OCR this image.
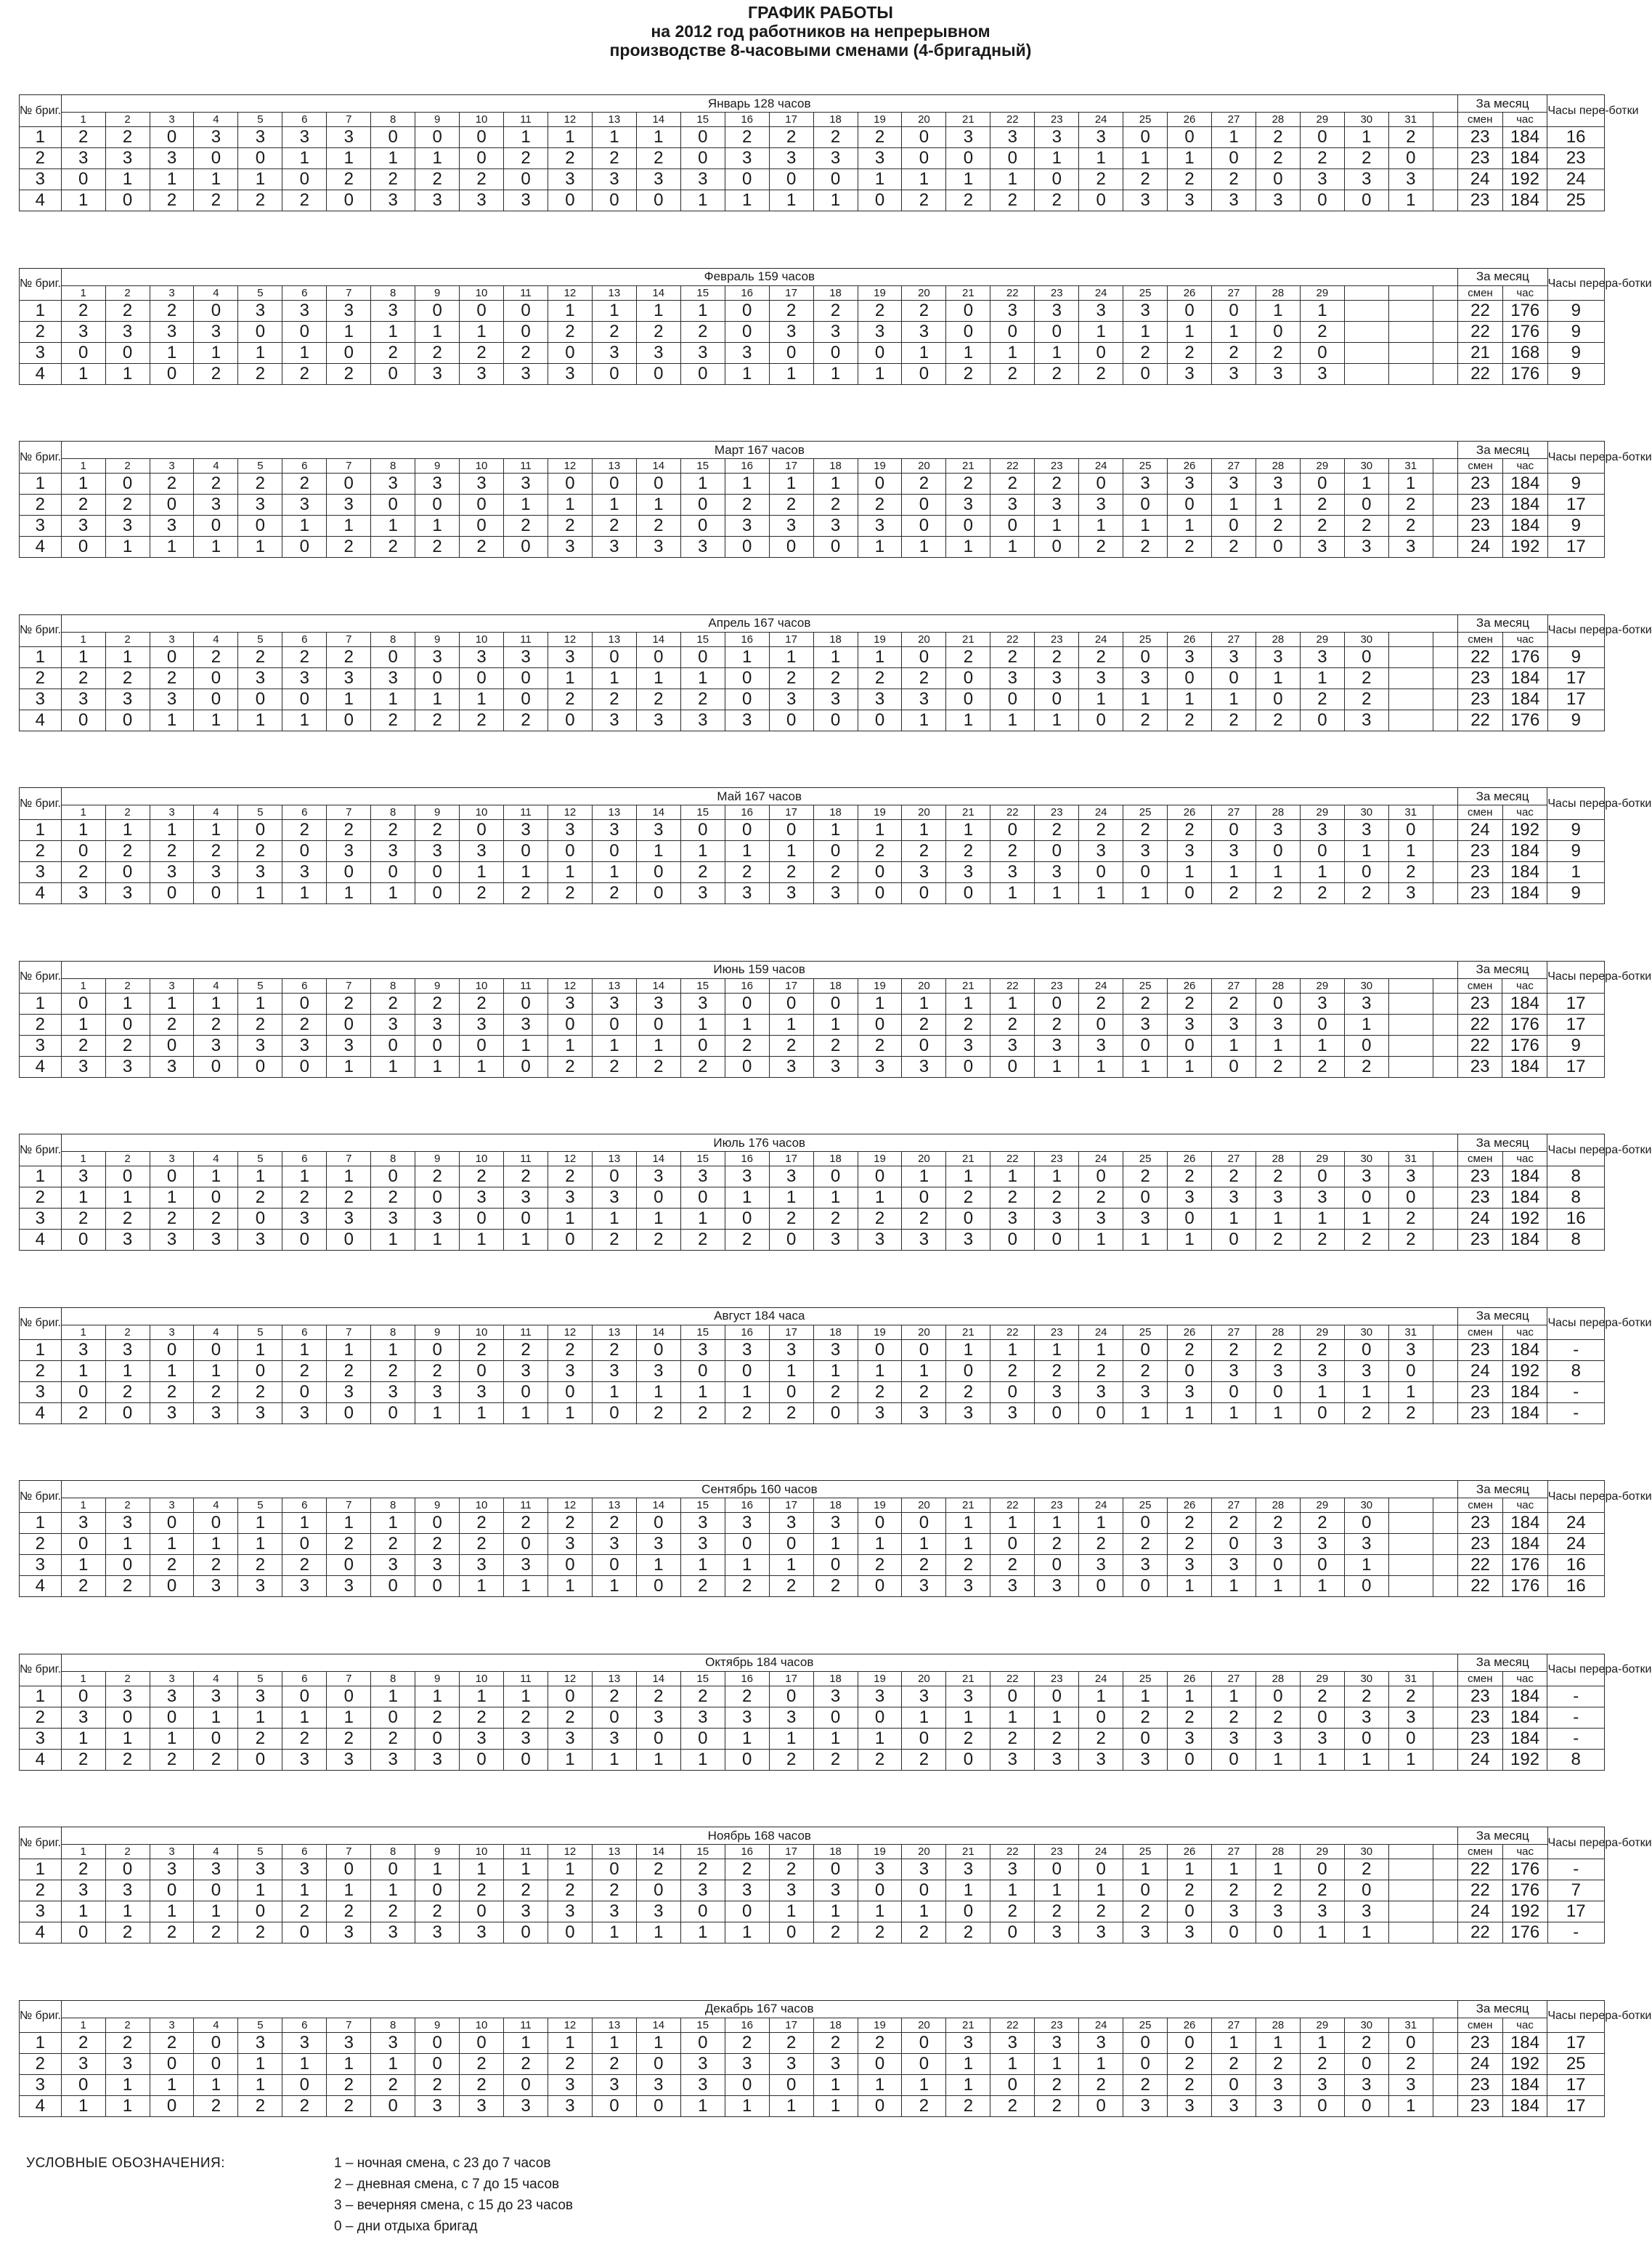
ГРАФИК РАБОТЫ
на 2012 год работников на непрерывном
производстве 8-часовыми сменами (4-бригадный)
№ бриг.	Январь 128 часов																																За месяц		Часы пере-ботки
	1	2	3	4	5	6	7	8	9	10	11	12	13	14	15	16	17	18	19	20	21	22	23	24	25	26	27	28	29	30	31		смен	час	
1	2	2	0	3	3	3	3	0	0	0	1	1	1	1	0	2	2	2	2	0	3	3	3	3	0	0	1	2	0	1	2		23	184	16
2	3	3	3	0	0	1	1	1	1	0	2	2	2	2	0	3	3	3	3	0	0	0	1	1	1	1	0	2	2	2	0		23	184	23
3	0	1	1	1	1	0	2	2	2	2	0	3	3	3	3	0	0	0	1	1	1	1	0	2	2	2	2	0	3	3	3		24	192	24
4	1	0	2	2	2	2	0	3	3	3	3	0	0	0	1	1	1	1	0	2	2	2	2	0	3	3	3	3	0	0	1		23	184	25
№ бриг.	Февраль 159 часов																																За месяц		Часы перера-ботки
	1	2	3	4	5	6	7	8	9	10	11	12	13	14	15	16	17	18	19	20	21	22	23	24	25	26	27	28	29				смен	час	
1	2	2	2	0	3	3	3	3	0	0	0	1	1	1	1	0	2	2	2	2	0	3	3	3	3	0	0	1	1				22	176	9
2	3	3	3	3	0	0	1	1	1	1	0	2	2	2	2	0	3	3	3	3	0	0	0	1	1	1	1	0	2				22	176	9
3	0	0	1	1	1	1	0	2	2	2	2	0	3	3	3	3	0	0	0	1	1	1	1	0	2	2	2	2	0				21	168	9
4	1	1	0	2	2	2	2	0	3	3	3	3	0	0	0	1	1	1	1	0	2	2	2	2	0	3	3	3	3				22	176	9
№ бриг.	Март 167 часов																																За месяц		Часы перера-ботки
	1	2	3	4	5	6	7	8	9	10	11	12	13	14	15	16	17	18	19	20	21	22	23	24	25	26	27	28	29	30	31		смен	час	
1	1	0	2	2	2	2	0	3	3	3	3	0	0	0	1	1	1	1	0	2	2	2	2	0	3	3	3	3	0	1	1		23	184	9
2	2	2	0	3	3	3	3	0	0	0	1	1	1	1	0	2	2	2	2	0	3	3	3	3	0	0	1	1	2	0	2		23	184	17
3	3	3	3	0	0	1	1	1	1	0	2	2	2	2	0	3	3	3	3	0	0	0	1	1	1	1	0	2	2	2	2		23	184	9
4	0	1	1	1	1	0	2	2	2	2	0	3	3	3	3	0	0	0	1	1	1	1	0	2	2	2	2	0	3	3	3		24	192	17
№ бриг.	Апрель 167 часов																																За месяц		Часы перера-ботки
	1	2	3	4	5	6	7	8	9	10	11	12	13	14	15	16	17	18	19	20	21	22	23	24	25	26	27	28	29	30			смен	час	
1	1	1	0	2	2	2	2	0	3	3	3	3	0	0	0	1	1	1	1	0	2	2	2	2	0	3	3	3	3	0			22	176	9
2	2	2	2	0	3	3	3	3	0	0	0	1	1	1	1	0	2	2	2	2	0	3	3	3	3	0	0	1	1	2			23	184	17
3	3	3	3	0	0	0	1	1	1	1	0	2	2	2	2	0	3	3	3	3	0	0	0	1	1	1	1	0	2	2			23	184	17
4	0	0	1	1	1	1	0	2	2	2	2	0	3	3	3	3	0	0	0	1	1	1	1	0	2	2	2	2	0	3			22	176	9
№ бриг.	Май 167 часов																																За месяц		Часы перера-ботки
	1	2	3	4	5	6	7	8	9	10	11	12	13	14	15	16	17	18	19	20	21	22	23	24	25	26	27	28	29	30	31		смен	час	
1	1	1	1	1	0	2	2	2	2	0	3	3	3	3	0	0	0	1	1	1	1	0	2	2	2	2	0	3	3	3	0		24	192	9
2	0	2	2	2	2	0	3	3	3	3	0	0	0	1	1	1	1	0	2	2	2	2	0	3	3	3	3	0	0	1	1		23	184	9
3	2	0	3	3	3	3	0	0	0	1	1	1	1	0	2	2	2	2	0	3	3	3	3	0	0	1	1	1	1	0	2		23	184	1
4	3	3	0	0	1	1	1	1	0	2	2	2	2	0	3	3	3	3	0	0	0	1	1	1	1	0	2	2	2	2	3		23	184	9
№ бриг.	Июнь 159 часов																																За месяц		Часы перера-ботки
	1	2	3	4	5	6	7	8	9	10	11	12	13	14	15	16	17	18	19	20	21	22	23	24	25	26	27	28	29	30			смен	час	
1	0	1	1	1	1	0	2	2	2	2	0	3	3	3	3	0	0	0	1	1	1	1	0	2	2	2	2	0	3	3			23	184	17
2	1	0	2	2	2	2	0	3	3	3	3	0	0	0	1	1	1	1	0	2	2	2	2	0	3	3	3	3	0	1			22	176	17
3	2	2	0	3	3	3	3	0	0	0	1	1	1	1	0	2	2	2	2	0	3	3	3	3	0	0	1	1	1	0			22	176	9
4	3	3	3	0	0	0	1	1	1	1	0	2	2	2	2	0	3	3	3	3	0	0	1	1	1	1	0	2	2	2			23	184	17
№ бриг.	Июль 176 часов																																За месяц		Часы перера-ботки
	1	2	3	4	5	6	7	8	9	10	11	12	13	14	15	16	17	18	19	20	21	22	23	24	25	26	27	28	29	30	31		смен	час	
1	3	0	0	1	1	1	1	0	2	2	2	2	0	3	3	3	3	0	0	1	1	1	1	0	2	2	2	2	0	3	3		23	184	8
2	1	1	1	0	2	2	2	2	0	3	3	3	3	0	0	1	1	1	1	0	2	2	2	2	0	3	3	3	3	0	0		23	184	8
3	2	2	2	2	0	3	3	3	3	0	0	1	1	1	1	0	2	2	2	2	0	3	3	3	3	0	1	1	1	1	2		24	192	16
4	0	3	3	3	3	0	0	1	1	1	1	0	2	2	2	2	0	3	3	3	3	0	0	1	1	1	0	2	2	2	2		23	184	8
№ бриг.	Август 184 часа																																За месяц		Часы перера-ботки
	1	2	3	4	5	6	7	8	9	10	11	12	13	14	15	16	17	18	19	20	21	22	23	24	25	26	27	28	29	30	31		смен	час	
1	3	3	0	0	1	1	1	1	0	2	2	2	2	0	3	3	3	3	0	0	1	1	1	1	0	2	2	2	2	0	3		23	184	-
2	1	1	1	1	0	2	2	2	2	0	3	3	3	3	0	0	1	1	1	1	0	2	2	2	2	0	3	3	3	3	0		24	192	8
3	0	2	2	2	2	0	3	3	3	3	0	0	1	1	1	1	0	2	2	2	2	0	3	3	3	3	0	0	1	1	1		23	184	-
4	2	0	3	3	3	3	0	0	1	1	1	1	0	2	2	2	2	0	3	3	3	3	0	0	1	1	1	1	0	2	2		23	184	-
№ бриг.	Сентябрь 160 часов																																За месяц		Часы перера-ботки
	1	2	3	4	5	6	7	8	9	10	11	12	13	14	15	16	17	18	19	20	21	22	23	24	25	26	27	28	29	30			смен	час	
1	3	3	0	0	1	1	1	1	0	2	2	2	2	0	3	3	3	3	0	0	1	1	1	1	0	2	2	2	2	0			23	184	24
2	0	1	1	1	1	0	2	2	2	2	0	3	3	3	3	0	0	1	1	1	1	0	2	2	2	2	0	3	3	3			23	184	24
3	1	0	2	2	2	2	0	3	3	3	3	0	0	1	1	1	1	0	2	2	2	2	0	3	3	3	3	0	0	1			22	176	16
4	2	2	0	3	3	3	3	0	0	1	1	1	1	0	2	2	2	2	0	3	3	3	3	0	0	1	1	1	1	0			22	176	16
№ бриг.	Октябрь 184 часов																																За месяц		Часы перера-ботки
	1	2	3	4	5	6	7	8	9	10	11	12	13	14	15	16	17	18	19	20	21	22	23	24	25	26	27	28	29	30	31		смен	час	
1	0	3	3	3	3	0	0	1	1	1	1	0	2	2	2	2	0	3	3	3	3	0	0	1	1	1	1	0	2	2	2		23	184	-
2	3	0	0	1	1	1	1	0	2	2	2	2	0	3	3	3	3	0	0	1	1	1	1	0	2	2	2	2	0	3	3		23	184	-
3	1	1	1	0	2	2	2	2	0	3	3	3	3	0	0	1	1	1	1	0	2	2	2	2	0	3	3	3	3	0	0		23	184	-
4	2	2	2	2	0	3	3	3	3	0	0	1	1	1	1	0	2	2	2	2	0	3	3	3	3	0	0	1	1	1	1		24	192	8
№ бриг.	Ноябрь 168 часов																																За месяц		Часы перера-ботки
	1	2	3	4	5	6	7	8	9	10	11	12	13	14	15	16	17	18	19	20	21	22	23	24	25	26	27	28	29	30			смен	час	
1	2	0	3	3	3	3	0	0	1	1	1	1	0	2	2	2	2	0	3	3	3	3	0	0	1	1	1	1	0	2			22	176	-
2	3	3	0	0	1	1	1	1	0	2	2	2	2	0	3	3	3	3	0	0	1	1	1	1	0	2	2	2	2	0			22	176	7
3	1	1	1	1	0	2	2	2	2	0	3	3	3	3	0	0	1	1	1	1	0	2	2	2	2	0	3	3	3	3			24	192	17
4	0	2	2	2	2	0	3	3	3	3	0	0	1	1	1	1	0	2	2	2	2	0	3	3	3	3	0	0	1	1			22	176	-
№ бриг.	Декабрь 167 часов																																За месяц		Часы перера-ботки
	1	2	3	4	5	6	7	8	9	10	11	12	13	14	15	16	17	18	19	20	21	22	23	24	25	26	27	28	29	30	31		смен	час	
1	2	2	2	0	3	3	3	3	0	0	1	1	1	1	0	2	2	2	2	0	3	3	3	3	0	0	1	1	1	2	0		23	184	17
2	3	3	0	0	1	1	1	1	0	2	2	2	2	0	3	3	3	3	0	0	1	1	1	1	0	2	2	2	2	0	2		24	192	25
3	0	1	1	1	1	0	2	2	2	2	0	3	3	3	3	0	0	1	1	1	1	0	2	2	2	2	0	3	3	3	3		23	184	17
4	1	1	0	2	2	2	2	0	3	3	3	3	0	0	1	1	1	1	0	2	2	2	2	0	3	3	3	3	0	0	1		23	184	17
УСЛОВНЫЕ ОБОЗНАЧЕНИЯ:	1 – ночная смена, с 23 до 7 часов
2 – дневная смена, с 7 до 15 часов
3 – вечерняя смена, с 15 до 23 часов
0 – дни отдыха бригад
